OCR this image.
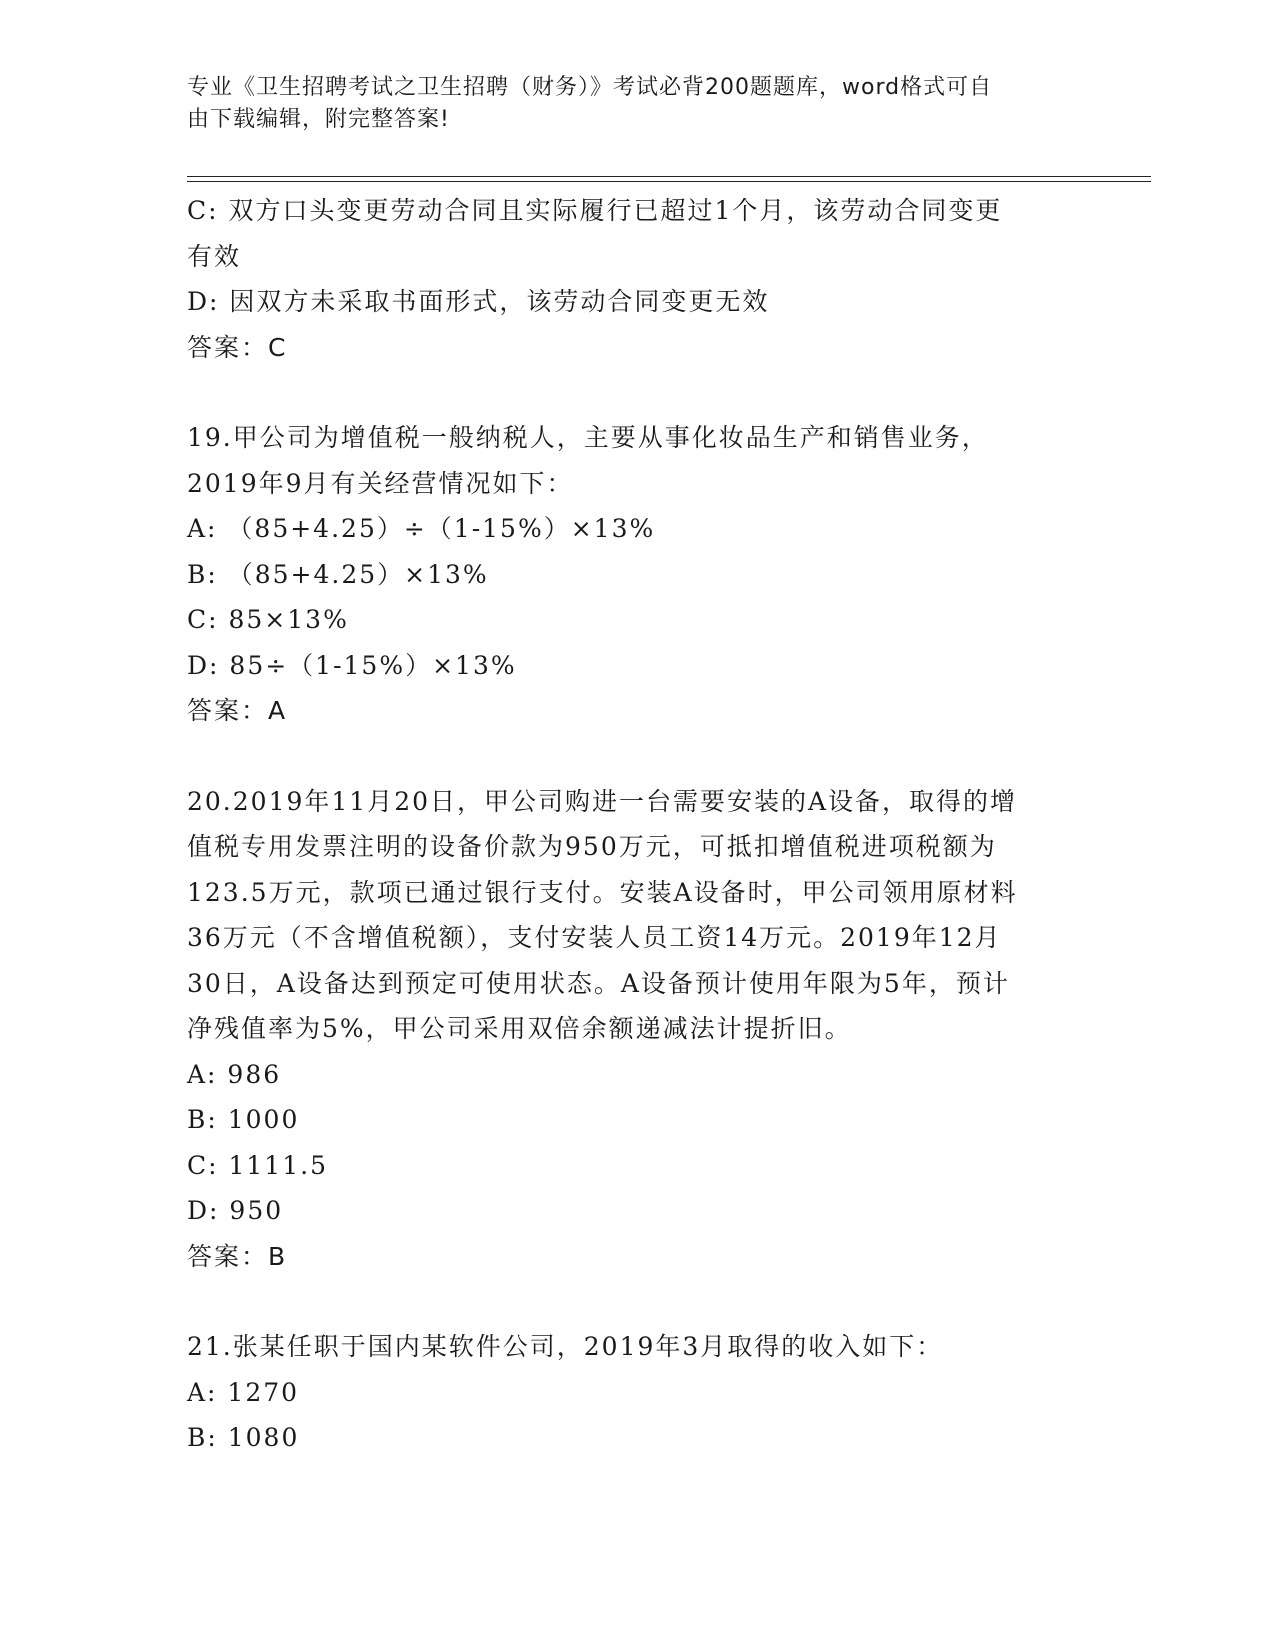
专业《卫生招聘考试之卫生招聘（财务）》考试必背200题题库，word格式可自
由下载编辑，附完整答案!

C: 双方口头变更劳动合同且实际履行已超过1个月，该劳动合同变更

有效

D: 因双方未采取书面形式，该劳动合同变更无效

答案：C

19.甲公司为增值税一般纳税人，主要从事化妆品生产和销售业务，

2019年9月有关经营情况如下：

A: （85+4.25）÷（1-15%）×13%

B: （85+4.25）×13%

C: 85×13%

D: 85÷（1-15%）×13%

答案：A

20.2019年11月20日，甲公司购进一台需要安装的A设备，取得的增

值税专用发票注明的设备价款为950万元，可抵扣增值税进项税额为

123.5万元，款项已通过银行支付。安装A设备时，甲公司领用原材料

36万元（不含增值税额），支付安装人员工资14万元。2019年12月

30日，A设备达到预定可使用状态。A设备预计使用年限为5年，预计

净残值率为5%，甲公司采用双倍余额递减法计提折旧。

A: 986

B: 1000

C: 1111.5

D: 950

答案：B

21.张某任职于国内某软件公司，2019年3月取得的收入如下：

A: 1270

B: 1080
